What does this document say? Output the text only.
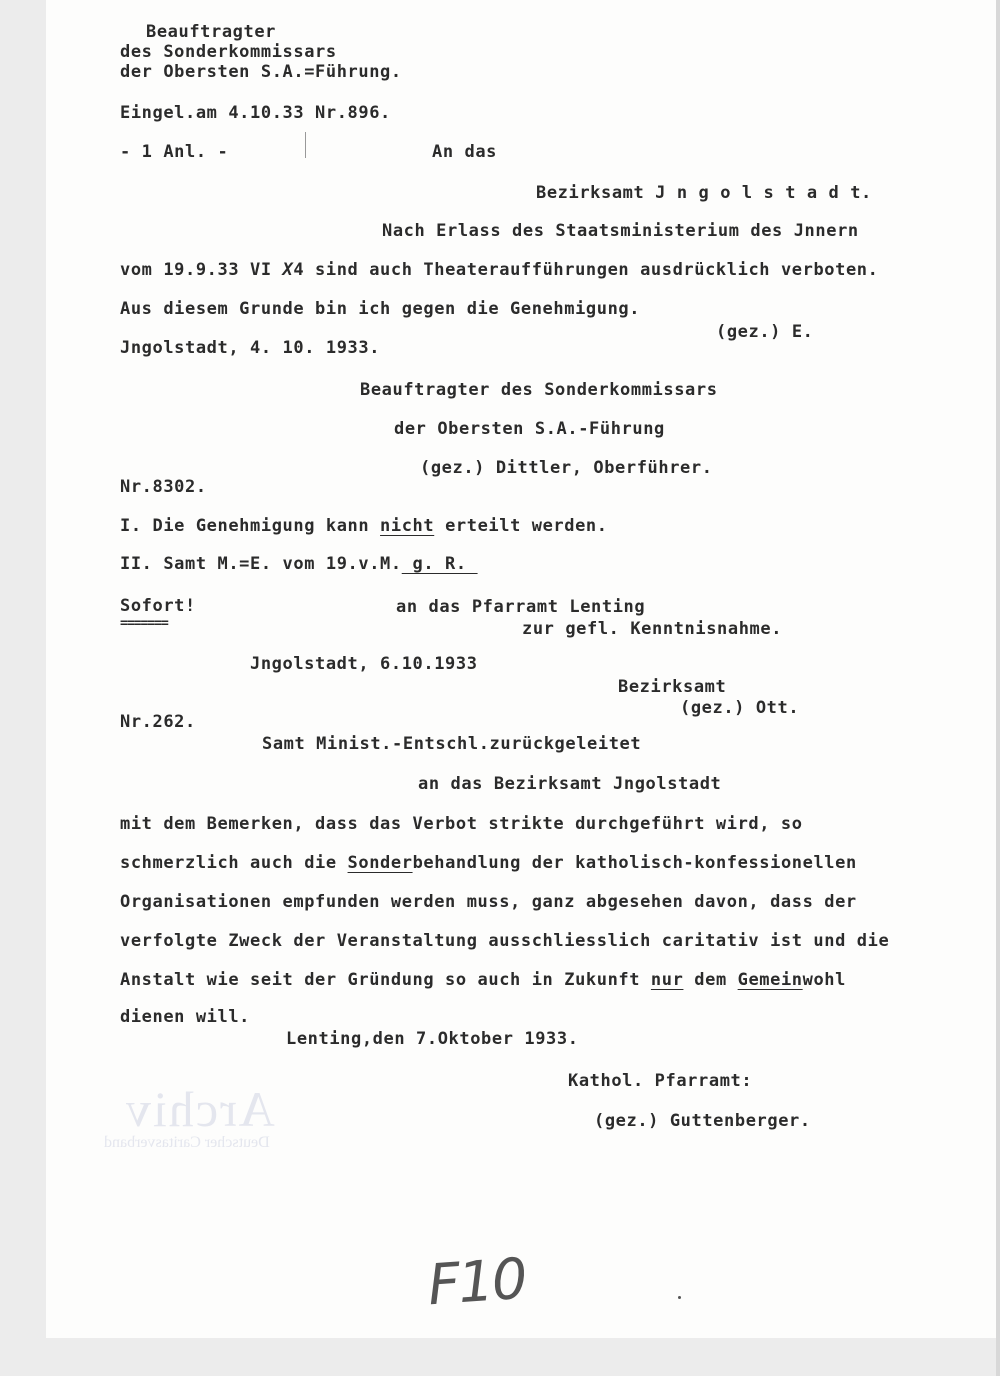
Beauftragter
des Sonderkommissars
der Obersten S.A.=Führung.
Eingel.am 4.10.33 Nr.896.
- 1 Anl. -	An das
Bezirksamt J n g o l s t a d t.
Nach Erlass des Staatsministerium des Jnnern
vom 19.9.33 VI X4 sind auch Theateraufführungen ausdrücklich verboten.
Aus diesem Grunde bin ich gegen die Genehmigung.
(gez.) E.
Jngolstadt, 4. 10. 1933.
Beauftragter des Sonderkommissars
der Obersten S.A.-Führung
(gez.) Dittler, Oberführer.
Nr.8302.
I. Die Genehmigung kann nicht erteilt werden.
II. Samt M.=E. vom 19.v.M. g. R.
Sofort!
=======
an das Pfarramt Lenting
zur gefl. Kenntnisnahme.
Jngolstadt, 6.10.1933
Bezirksamt
(gez.) Ott.
Nr.262.
Samt Minist.-Entschl.zurückgeleitet
an das Bezirksamt Jngolstadt
mit dem Bemerken, dass das Verbot strikte durchgeführt wird, so
schmerzlich auch die Sonderbehandlung der katholisch-konfessionellen
Organisationen empfunden werden muss, ganz abgesehen davon, dass der
verfolgte Zweck der Veranstaltung ausschliesslich caritativ ist und die
Anstalt wie seit der Gründung so auch in Zukunft nur dem Gemeinwohl
dienen will.
Lenting,den 7.Oktober 1933.
Kathol. Pfarramt:
(gez.) Guttenberger.
Archiv
Deutscher Caritasverband
F10
